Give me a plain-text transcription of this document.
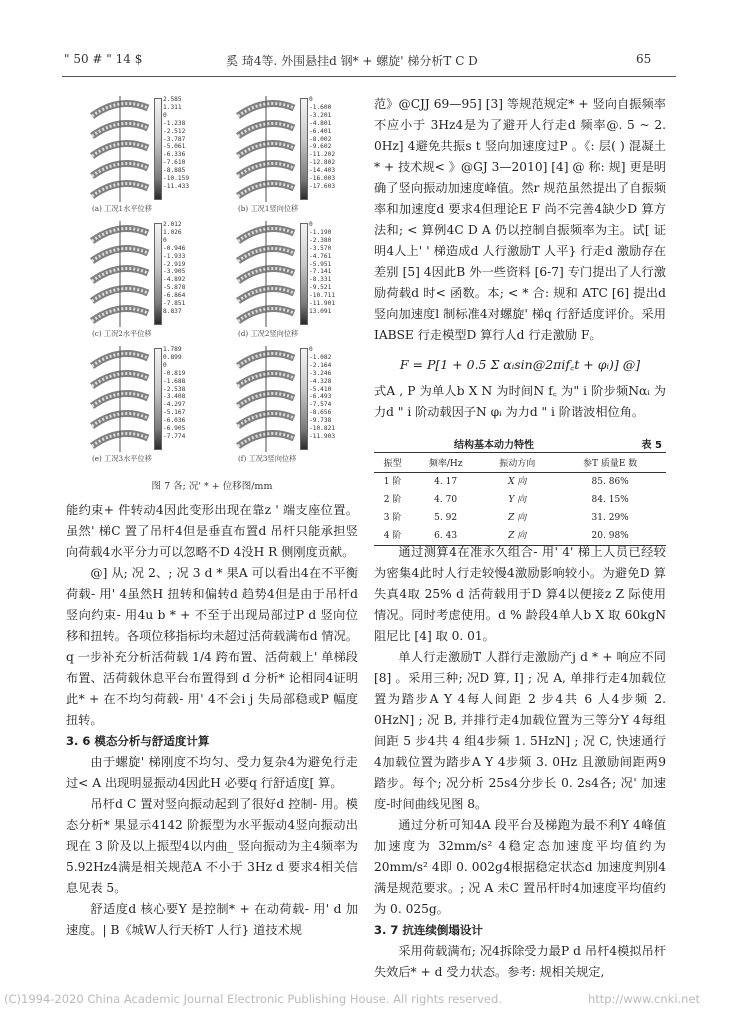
" 50 # " 14 $	奚 琦4等. 外围悬挂d 钢* + 螺旋' 梯分析T C D	65
2.585
1.311
0
-1.238
-2.512
-3.787
-5.061
-6.336
-7.610
-8.885
-10.159
-11.433
(a) 工况1水平位移
0
-1.600
-3.201
-4.801
-6.401
-8.002
-9.602
-11.202
-12.802
-14.403
-16.003
-17.603
(b) 工况1竖向位移
2.012
1.026
0
-0.946
-1.933
-2.919
-3.905
-4.892
-5.878
-6.864
-7.851
8.837
(c) 工况2水平位移
0
-1.190
-2.380
-3.570
-4.761
-5.951
-7.141
-8.331
-9.521
-10.711
-11.901
13.091
(d) 工况2竖向位移
1.789
0.899
0
-0.819
-1.688
-2.538
-3.408
-4.297
-5.167
-6.036
-6.905
-7.774
(e) 工况3水平位移
0
-1.082
-2.164
-3.246
-4.328
-5.410
-6.493
-7.574
-8.656
-9.738
-10.821
-11.903
(f) 工况3竖向位移
图 7 各; 况' * + 位移图/mm

能约束+ 件转动4因此变形出现在靠z ' 端支座位置。虽然' 梯C 置了吊杆4但是垂直布置d 吊杆只能承担竖向荷载4水平分力可以忽略不D 4没H R 侧刚度贡献。

@] 从; 况 2、; 况 3 d * 果A 可以看出4在不平衡荷载- 用' 4虽然H 扭转和偏转d 趋势4但是由于吊杆d 竖向约束- 用4u b * + 不至于出现局部过P d 竖向位移和扭转。各项位移指标均未超过活荷载满布d 情况。q 一步补充分析活荷载 1/4 跨布置、活荷载上' 单梯段布置、活荷载休息平台布置得到 d 分析* 论相同4证明此* + 在不均匀荷载- 用' 4不会i j 失局部稳或P 幅度扭转。

3. 6 模态分析与舒适度计算

由于螺旋' 梯刚度不均匀、受力复杂4为避免行走过< A 出现明显振动4因此H 必要q 行舒适度[ 算。

吊杆d C 置对竖向振动起到了很好d 控制- 用。模态分析* 果显示4142 阶振型为水平振动4竖向振动出现在 3 阶及以上振型4以内曲_ 竖向振动为主4频率为 5.92Hz4满是相关规范A 不小于 3Hz d 要求4相关信息见表 5。

舒适度d 核心要Y 是控制* + 在动荷载- 用' d 加速度。| B《城W人行天桥T 人行} 道技术规

范》@CJJ 69—95] [3] 等规范规定* + 竖向自振频率不应小于 3Hz4是为了避开人行走d 频率@. 5 ~ 2. 0Hz] 4避免共振s t 竖向加速度过P 。《: 层( ) 混凝土* + 技术规< 》@GJ 3—2010] [4] @ 称: 规] 更是明确了竖向振动加速度峰值。然r 规范虽然提出了自振频率和加速度d 要求4但理论E F 尚不完善4缺少D 算方法和; < 算例4C D A 仍以控制自振频率为主。试[ 证明4人上' ' 梯造成d 人行激励T 人平} 行走d 激励存在差别 [5] 4因此B 外一些资料 [6-7] 专门提出了人行激励荷载d 时< 函数。本; < * 合: 规和 ATC [6] 提出d 竖向加速度l 制标准4对螺旋' 梯q 行舒适度评价。采用 IABSE 行走模型D 算行人d 行走激励 F。

F = P[1 + 0.5 Σ αᵢsin@2πif꜀t + φᵢ)] @]

式A , P 为单人b X N 为时间N f꜀ 为" i 阶步频Nαᵢ 为力d " i 阶动载因子N φᵢ 为力d " i 阶谐波相位角。

结构基本动力特性	表 5
振型	频率/Hz	振动方向	参T 质量E 数
1 阶	4. 17	X 向	85. 86%
2 阶	4. 70	Y 向	84. 15%
3 阶	5. 92	Z 向	31. 29%
4 阶	6. 43	Z 向	20. 98%

通过测算4在准永久组合- 用' 4' 梯上人员已经较为密集4此时人行走较慢4激励影响较小。为避免D 算失真4取 25% d 活荷载用于D 算4以便接z Z 际使用情况。同时考虑使用。d % 龄段4单人b X 取 60kgN阻尼比 [4] 取 0. 01。

单人行走激励T 人群行走激励产j d * + 响应不同 [8] 。采用三种; 况D 算, I] ; 况 A, 单排行走4加载位置为踏步A Y 4每人间距 2 步4共 6 人4步频 2. 0HzN] ; 况 B, 并排行走4加载位置为三等分Y 4每组间距 5 步4共 4 组4步频 1. 5HzN] ; 况 C, 快速通行4加载位置为踏步A Y 4步频 3. 0Hz 且激励间距两9 踏步。每个; 况分析 25s4分步长 0. 2s4各; 况' 加速度-时间曲线见图 8。

通过分析可知4A 段平台及梯跑为最不利Y 4峰值加速度为 32mm/s² 4稳定态加速度平均值约为 20mm/s² 4即 0. 002g4根据稳定状态d 加速度判别4满是规范要求。; 况 A 未C 置吊杆时4加速度平均值约为 0. 025g。

3. 7 抗连续倒塌设计

采用荷载满布; 况4拆除受力最P d 吊杆4模拟吊杆失效后* + d 受力状态。参考: 规相关规定,

(C)1994-2020 China Academic Journal Electronic Publishing House. All rights reserved.	http://www.cnki.net
